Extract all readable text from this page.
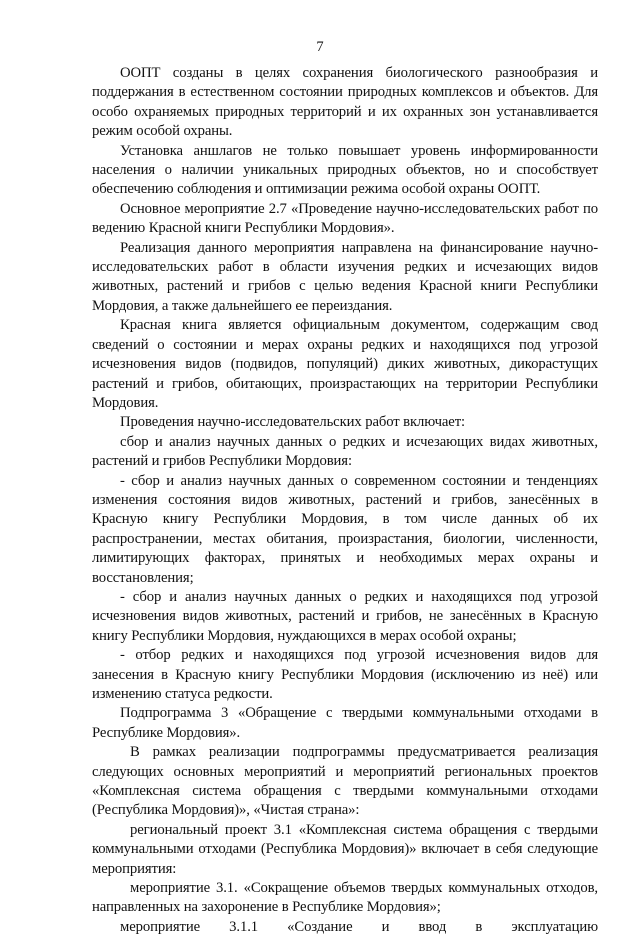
7

ООПТ созданы в целях сохранения биологического разнообразия и поддержания в естественном состоянии природных комплексов и объектов. Для особо охраняемых природных территорий и их охранных зон устанавливается режим особой охраны.

Установка аншлагов не только повышает уровень информированности населения о наличии уникальных природных объектов, но и способствует обеспечению соблюдения и оптимизации режима особой охраны ООПТ.

Основное мероприятие 2.7 «Проведение научно-исследовательских работ по ведению Красной книги Республики Мордовия».

Реализация данного мероприятия направлена на финансирование научно-исследовательских работ в области изучения редких и исчезающих видов животных, растений и грибов с целью ведения Красной книги Республики Мордовия, а также дальнейшего ее переиздания.

Красная книга является официальным документом, содержащим свод сведений о состоянии и мерах охраны редких и находящихся под угрозой исчезновения видов (подвидов, популяций) диких животных, дикорастущих растений и грибов, обитающих, произрастающих на территории Республики Мордовия.

Проведения научно-исследовательских работ включает:

сбор и анализ научных данных о редких и исчезающих видах животных, растений и грибов Республики Мордовия:

- сбор и анализ научных данных о современном состоянии и тенденциях изменения состояния видов животных, растений и грибов, занесённых в Красную книгу Республики Мордовия, в том числе данных об их распространении, местах обитания, произрастания, биологии, численности, лимитирующих факторах, принятых и необходимых мерах охраны и восстановления;

- сбор и анализ научных данных о редких и находящихся под угрозой исчезновения видов животных, растений и грибов, не занесённых в Красную книгу Республики Мордовия, нуждающихся в мерах особой охраны;

- отбор редких и находящихся под угрозой исчезновения видов для занесения в Красную книгу Республики Мордовия (исключению из неё) или изменению статуса редкости.

Подпрограмма 3 «Обращение с твердыми коммунальными отходами в Республике Мордовия».

В рамках реализации подпрограммы предусматривается реализация следующих основных мероприятий и мероприятий региональных проектов «Комплексная система обращения с твердыми коммунальными отходами (Республика Мордовия)», «Чистая страна»:

региональный проект 3.1 «Комплексная система обращения с твердыми коммунальными отходами (Республика Мордовия)» включает в себя следующие мероприятия:

мероприятие 3.1. «Сокращение объемов твердых коммунальных отходов, направленных на захоронение в Республике Мордовия»;

мероприятие 3.1.1 «Создание и ввод в эксплуатацию
